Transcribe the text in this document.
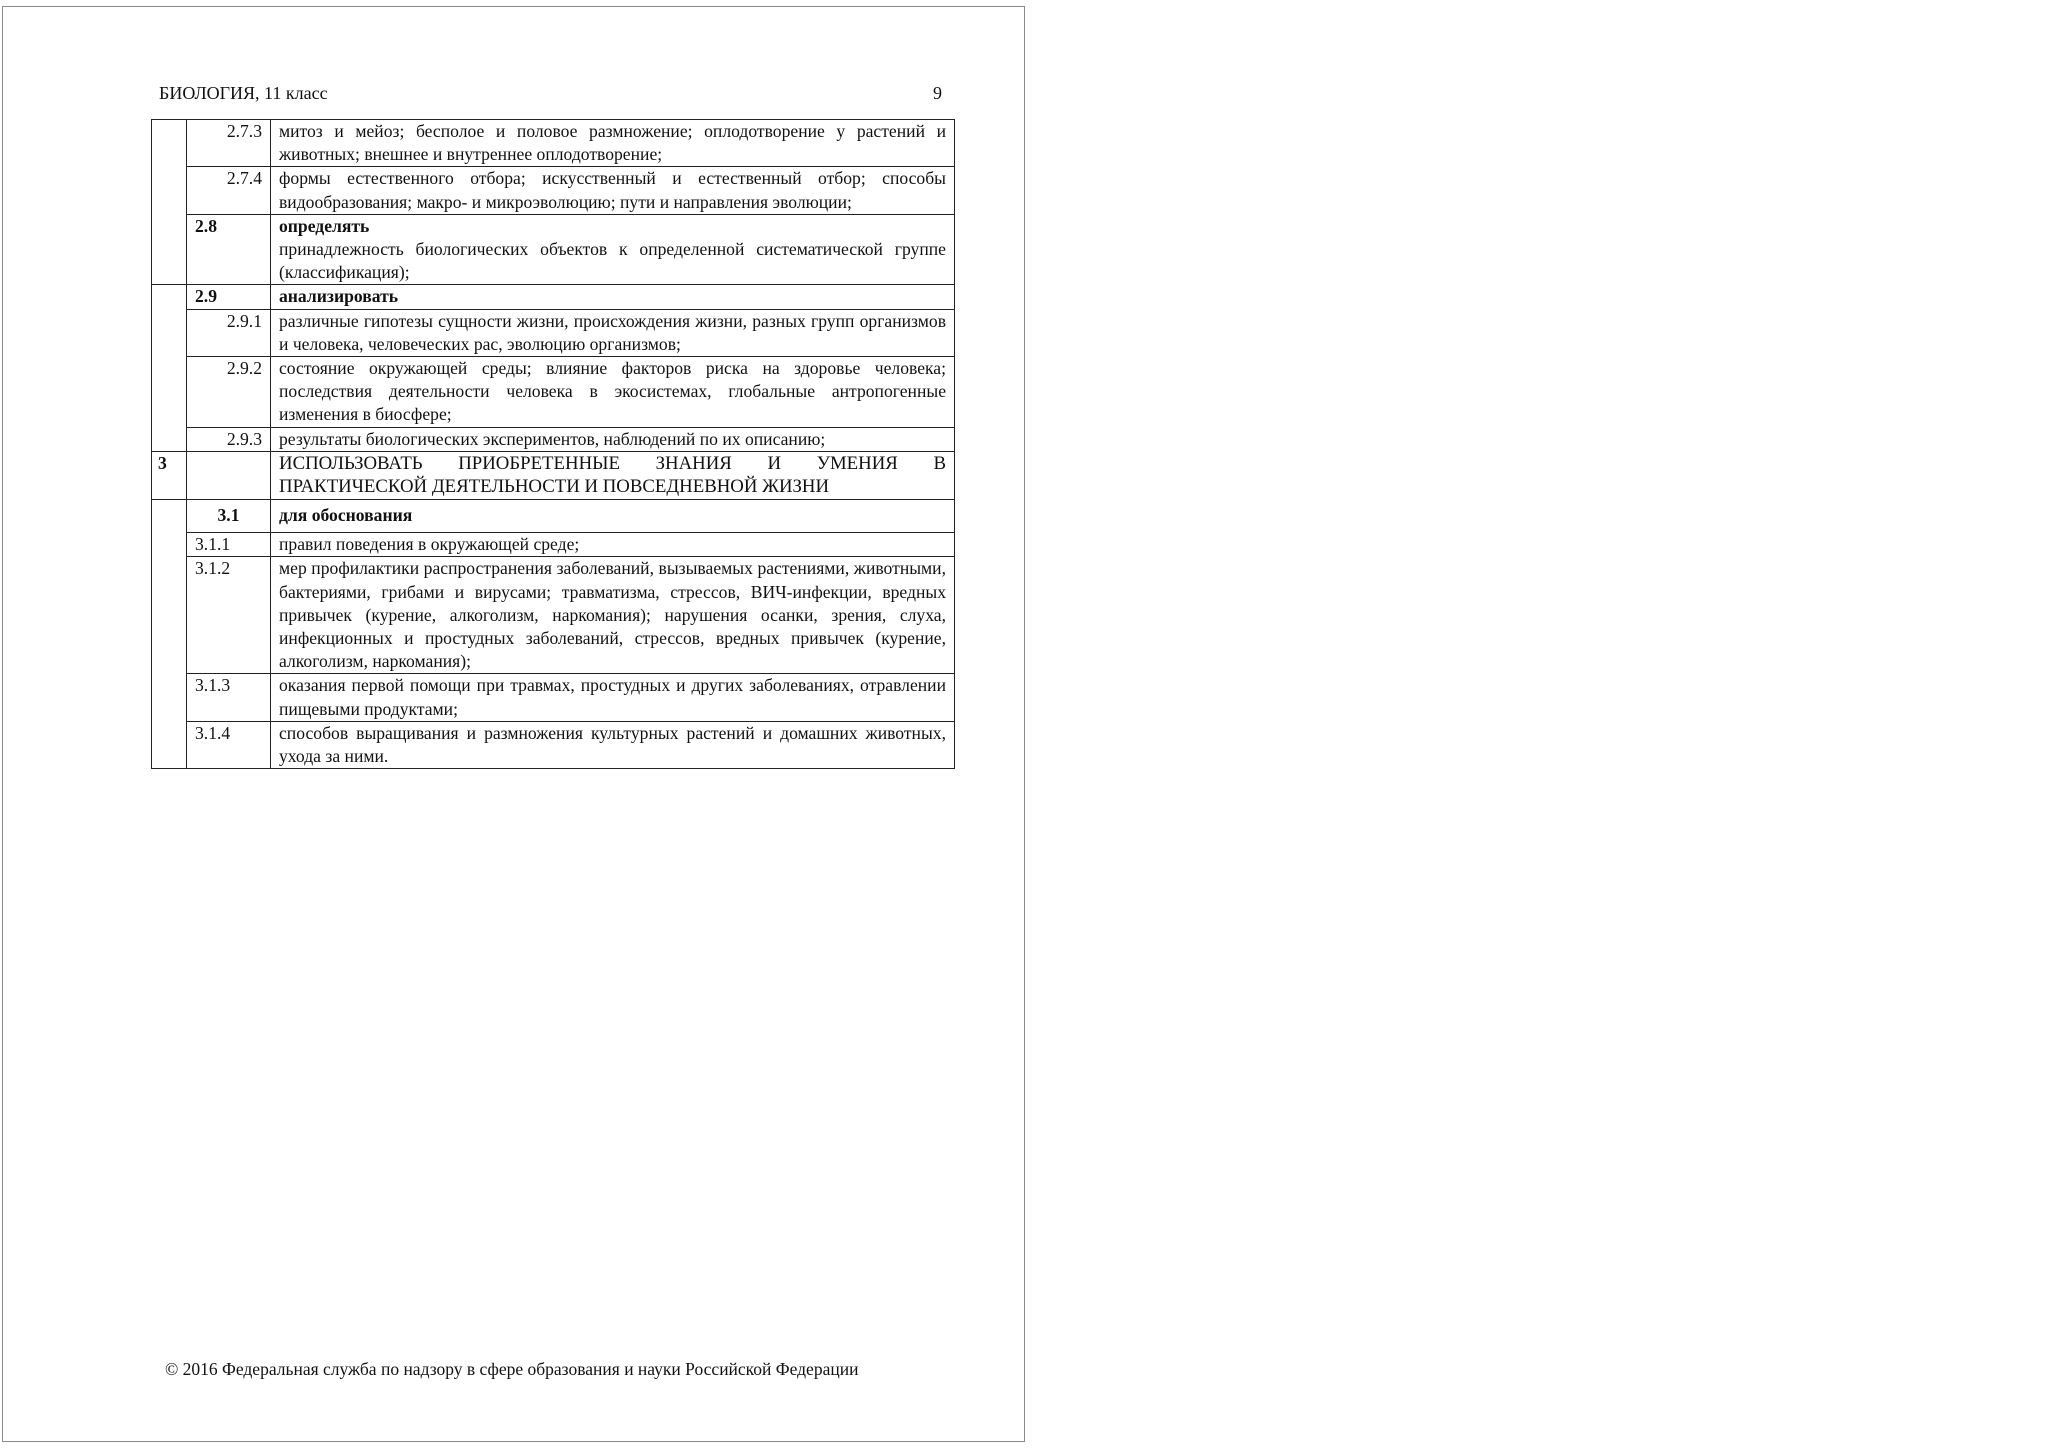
БИОЛОГИЯ, 11 класс	9
	2.7.3	митоз и мейоз; бесполое и половое размножение; оплодотворение у растений и животных; внешнее и внутреннее оплодотворение;
	2.7.4	формы естественного отбора; искусственный и естественный отбор; способы видообразования; макро- и микроэволюцию; пути и направления эволюции;
	2.8	определять
принадлежность биологических объектов к определенной систематической группе (классификация);

	2.9	анализировать
	2.9.1	различные гипотезы сущности жизни, происхождения жизни, разных групп организмов и человека, человеческих рас, эволюцию организмов;
	2.9.2	состояние окружающей среды; влияние факторов риска на здоровье человека; последствия деятельности человека в экосистемах, глобальные антропогенные изменения в биосфере;
	2.9.3	результаты биологических экспериментов, наблюдений по их описанию;
3		ИСПОЛЬЗОВАТЬ ПРИОБРЕТЕННЫЕ ЗНАНИЯ И УМЕНИЯ В
ПРАКТИЧЕСКОЙ ДЕЯТЕЛЬНОСТИ И ПОВСЕДНЕВНОЙ ЖИЗНИ

	3.1	для обоснования
	3.1.1	правил поведения в окружающей среде;
	3.1.2	мер профилактики распространения заболеваний, вызываемых растениями, животными, бактериями, грибами и вирусами; травматизма, стрессов, ВИЧ-инфекции, вредных привычек (курение, алкоголизм, наркомания); нарушения осанки, зрения, слуха, инфекционных и простудных заболеваний, стрессов, вредных привычек (курение, алкоголизм, наркомания);
	3.1.3	оказания первой помощи при травмах, простудных и других заболеваниях, отравлении пищевыми продуктами;
	3.1.4	способов выращивания и размножения культурных растений и домашних животных, ухода за ними.
© 2016 Федеральная служба по надзору в сфере образования и науки Российской Федерации
